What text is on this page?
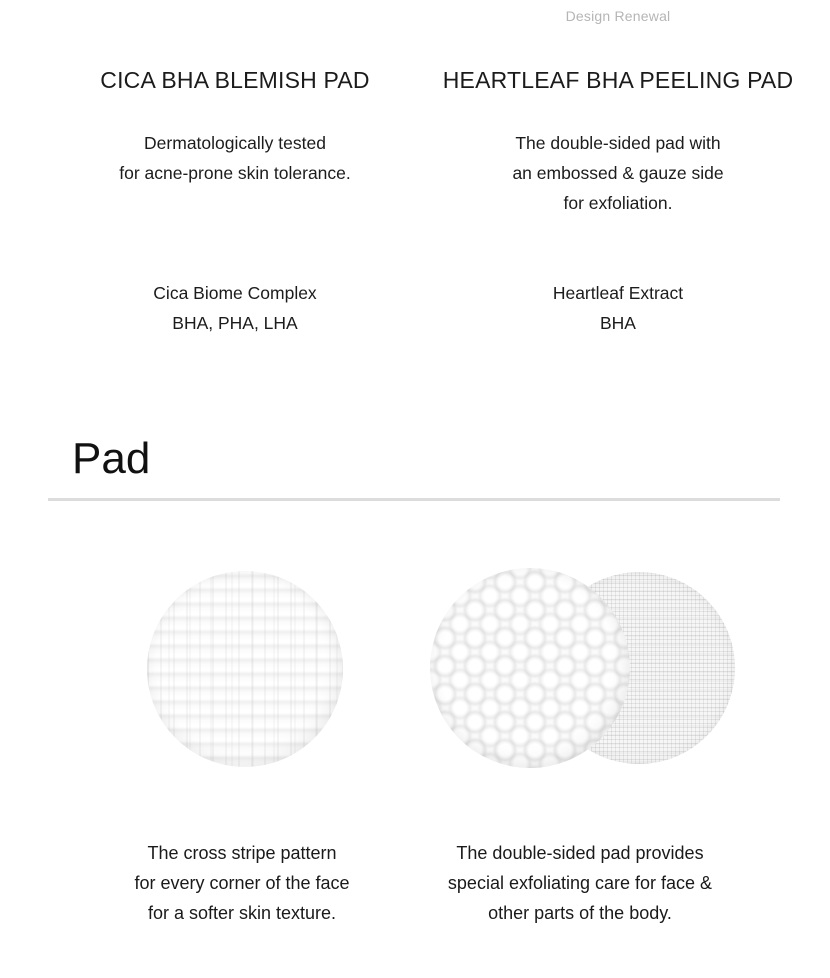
Design Renewal
CICA BHA BLEMISH PAD
Dermatologically tested
for acne-prone skin tolerance.
Cica Biome Complex
BHA, PHA, LHA
HEARTLEAF BHA PEELING PAD
The double-sided pad with
an embossed & gauze side
for exfoliation.
Heartleaf Extract
BHA
Pad
The cross stripe pattern
for every corner of the face
for a softer skin texture.
The double-sided pad provides
special exfoliating care for face &
other parts of the body.
